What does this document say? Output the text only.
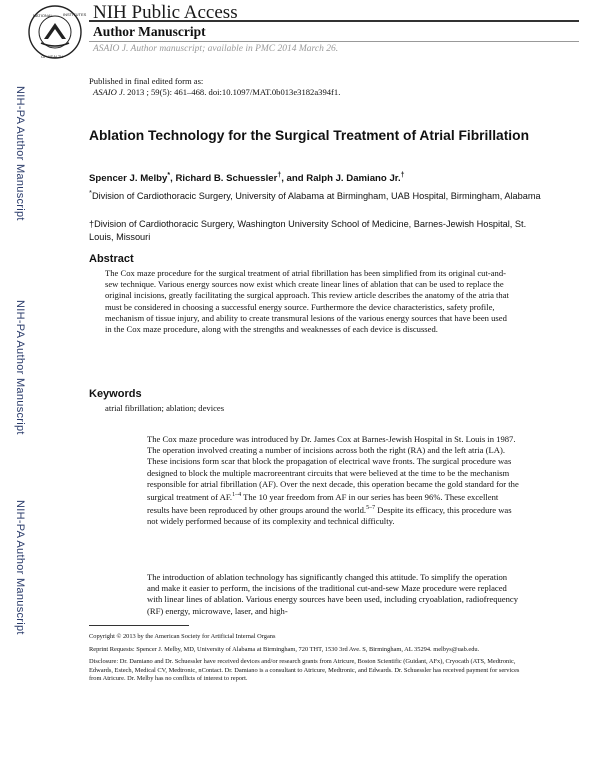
NATIONAL	INSTITUTES
OF HEALTH
NIH Public Access
Author Manuscript
ASAIO J. Author manuscript; available in PMC 2014 March 26.
Published in final edited form as:
ASAIO J. 2013 ; 59(5): 461–468. doi:10.1097/MAT.0b013e3182a394f1.
NIH-PA Author Manuscript
NIH-PA Author Manuscript
NIH-PA Author Manuscript
Ablation Technology for the Surgical Treatment of Atrial Fibrillation
Spencer J. Melby*, Richard B. Schuessler†, and Ralph J. Damiano Jr.†
*Division of Cardiothoracic Surgery, University of Alabama at Birmingham, UAB Hospital, Birmingham, Alabama
†Division of Cardiothoracic Surgery, Washington University School of Medicine, Barnes-Jewish Hospital, St. Louis, Missouri
Abstract
The Cox maze procedure for the surgical treatment of atrial fibrillation has been simplified from its original cut-and-sew technique. Various energy sources now exist which create linear lines of ablation that can be used to replace the original incisions, greatly facilitating the surgical approach. This review article describes the anatomy of the atria that must be considered in choosing a successful energy source. Furthermore the device characteristics, safety profile, mechanism of tissue injury, and ability to create transmural lesions of the various energy sources that have been used in the Cox maze procedure, along with the strengths and weaknesses of each device is discussed.
Keywords
atrial fibrillation; ablation; devices
The Cox maze procedure was introduced by Dr. James Cox at Barnes-Jewish Hospital in St. Louis in 1987. The operation involved creating a number of incisions across both the right (RA) and the left atria (LA). These incisions form scar that block the propagation of electrical wave fronts. The surgical procedure was designed to block the multiple macroreentrant circuits that were believed at the time to be the mechanism responsible for atrial fibrillation (AF). Over the next decade, this operation became the gold standard for the surgical treatment of AF.$^{1-4}$ The 10 year freedom from AF in our series has been 96%. These excellent results have been reproduced by other groups around the world.$^{5-7}$ Despite its efficacy, this procedure was not widely performed because of its complexity and technical difficulty.
The introduction of ablation technology has significantly changed this attitude. To simplify the operation and make it easier to perform, the incisions of the traditional cut-and-sew Maze procedure were replaced with linear lines of ablation. Various energy sources have been used, including cryoablation, radiofrequency (RF) energy, microwave, laser, and high-

Copyright © 2013 by the American Society for Artificial Internal Organs

Reprint Requests: Spencer J. Melby, MD, University of Alabama at Birmingham, 720 THT, 1530 3rd Ave. S, Birmingham, AL 35294. melbys@uab.edu.

Disclosure: Dr. Damiano and Dr. Schuessler have received devices and/or research grants from Atricure, Boston Scientific (Guidant, AFx), Cryocath (ATS, Medtronic, Edwards, Estech, Medical CV, Medtronic, nContact. Dr. Damiano is a consultant to Atricure, Medtronic, and Edwards. Dr. Schuessler has received payment for services from Atricure. Dr. Melby has no conflicts of interest to report.
